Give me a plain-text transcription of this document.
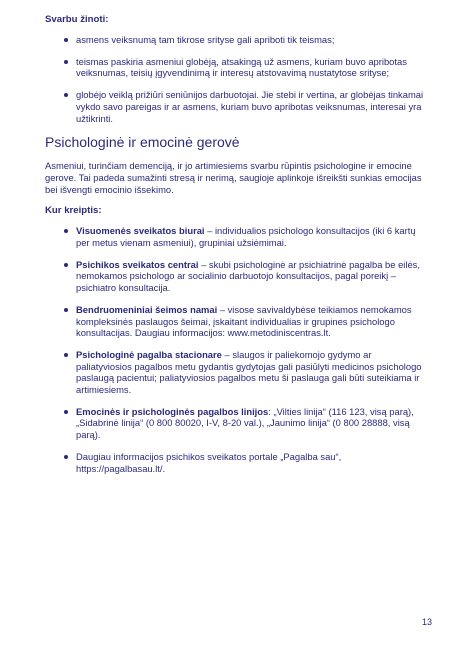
Svarbu žinoti:

asmens veiksnumą tam tikrose srityse gali apriboti tik teismas;
teismas paskiria asmeniui globėją, atsakingą už asmens, kuriam buvo apribotas veiksnumas, teisių įgyvendinimą ir interesų atstovavimą nustatytose srityse;
globėjo veiklą prižiūri seniūnijos darbuotojai. Jie stebi ir vertina, ar globėjas tinkamai vykdo savo pareigas ir ar asmens, kuriam buvo apribotas veiksnumas, interesai yra užtikrinti.
Psichologinė ir emocinė gerovė

Asmeniui, turinčiam demenciją, ir jo artimiesiems svarbu rūpintis psichologine ir emocine gerove. Tai padeda sumažinti stresą ir nerimą, saugioje aplinkoje išreikšti sunkias emocijas bei išvengti emocinio išsekimo.

Kur kreiptis:

Visuomenės sveikatos biurai – individualios psichologo konsultacijos (iki 6 kartų per metus vienam asmeniui), grupiniai užsiėmimai.
Psichikos sveikatos centrai – skubi psichologinė ar psichiatrinė pagalba be eilės, nemokamos psichologo ar socialinio darbuotojo konsultacijos, pagal poreikį – psichiatro konsultacija.
Bendruomeniniai šeimos namai – visose savivaldybėse teikiamos nemokamos kompleksinės paslaugos šeimai, įskaitant individualias ir grupines psichologo konsultacijas. Daugiau informacijos: www.metodiniscentras.lt.
Psichologinė pagalba stacionare – slaugos ir paliekomojo gydymo ar paliatyviosios pagalbos metu gydantis gydytojas gali pasiūlyti medicinos psichologo paslaugą pacientui; paliatyviosios pagalbos metu ši paslauga gali būti suteikiama ir artimiesiems.
Emocinės ir psichologinės pagalbos linijos: „Vilties linija“ (116 123, visą parą), „Sidabrinė linija“ (0 800 80020, I-V, 8-20 val.), „Jaunimo linija“ (0 800 28888, visą parą).
Daugiau informacijos psichikos sveikatos portale „Pagalba sau“, https://pagalbasau.lt/.
13
